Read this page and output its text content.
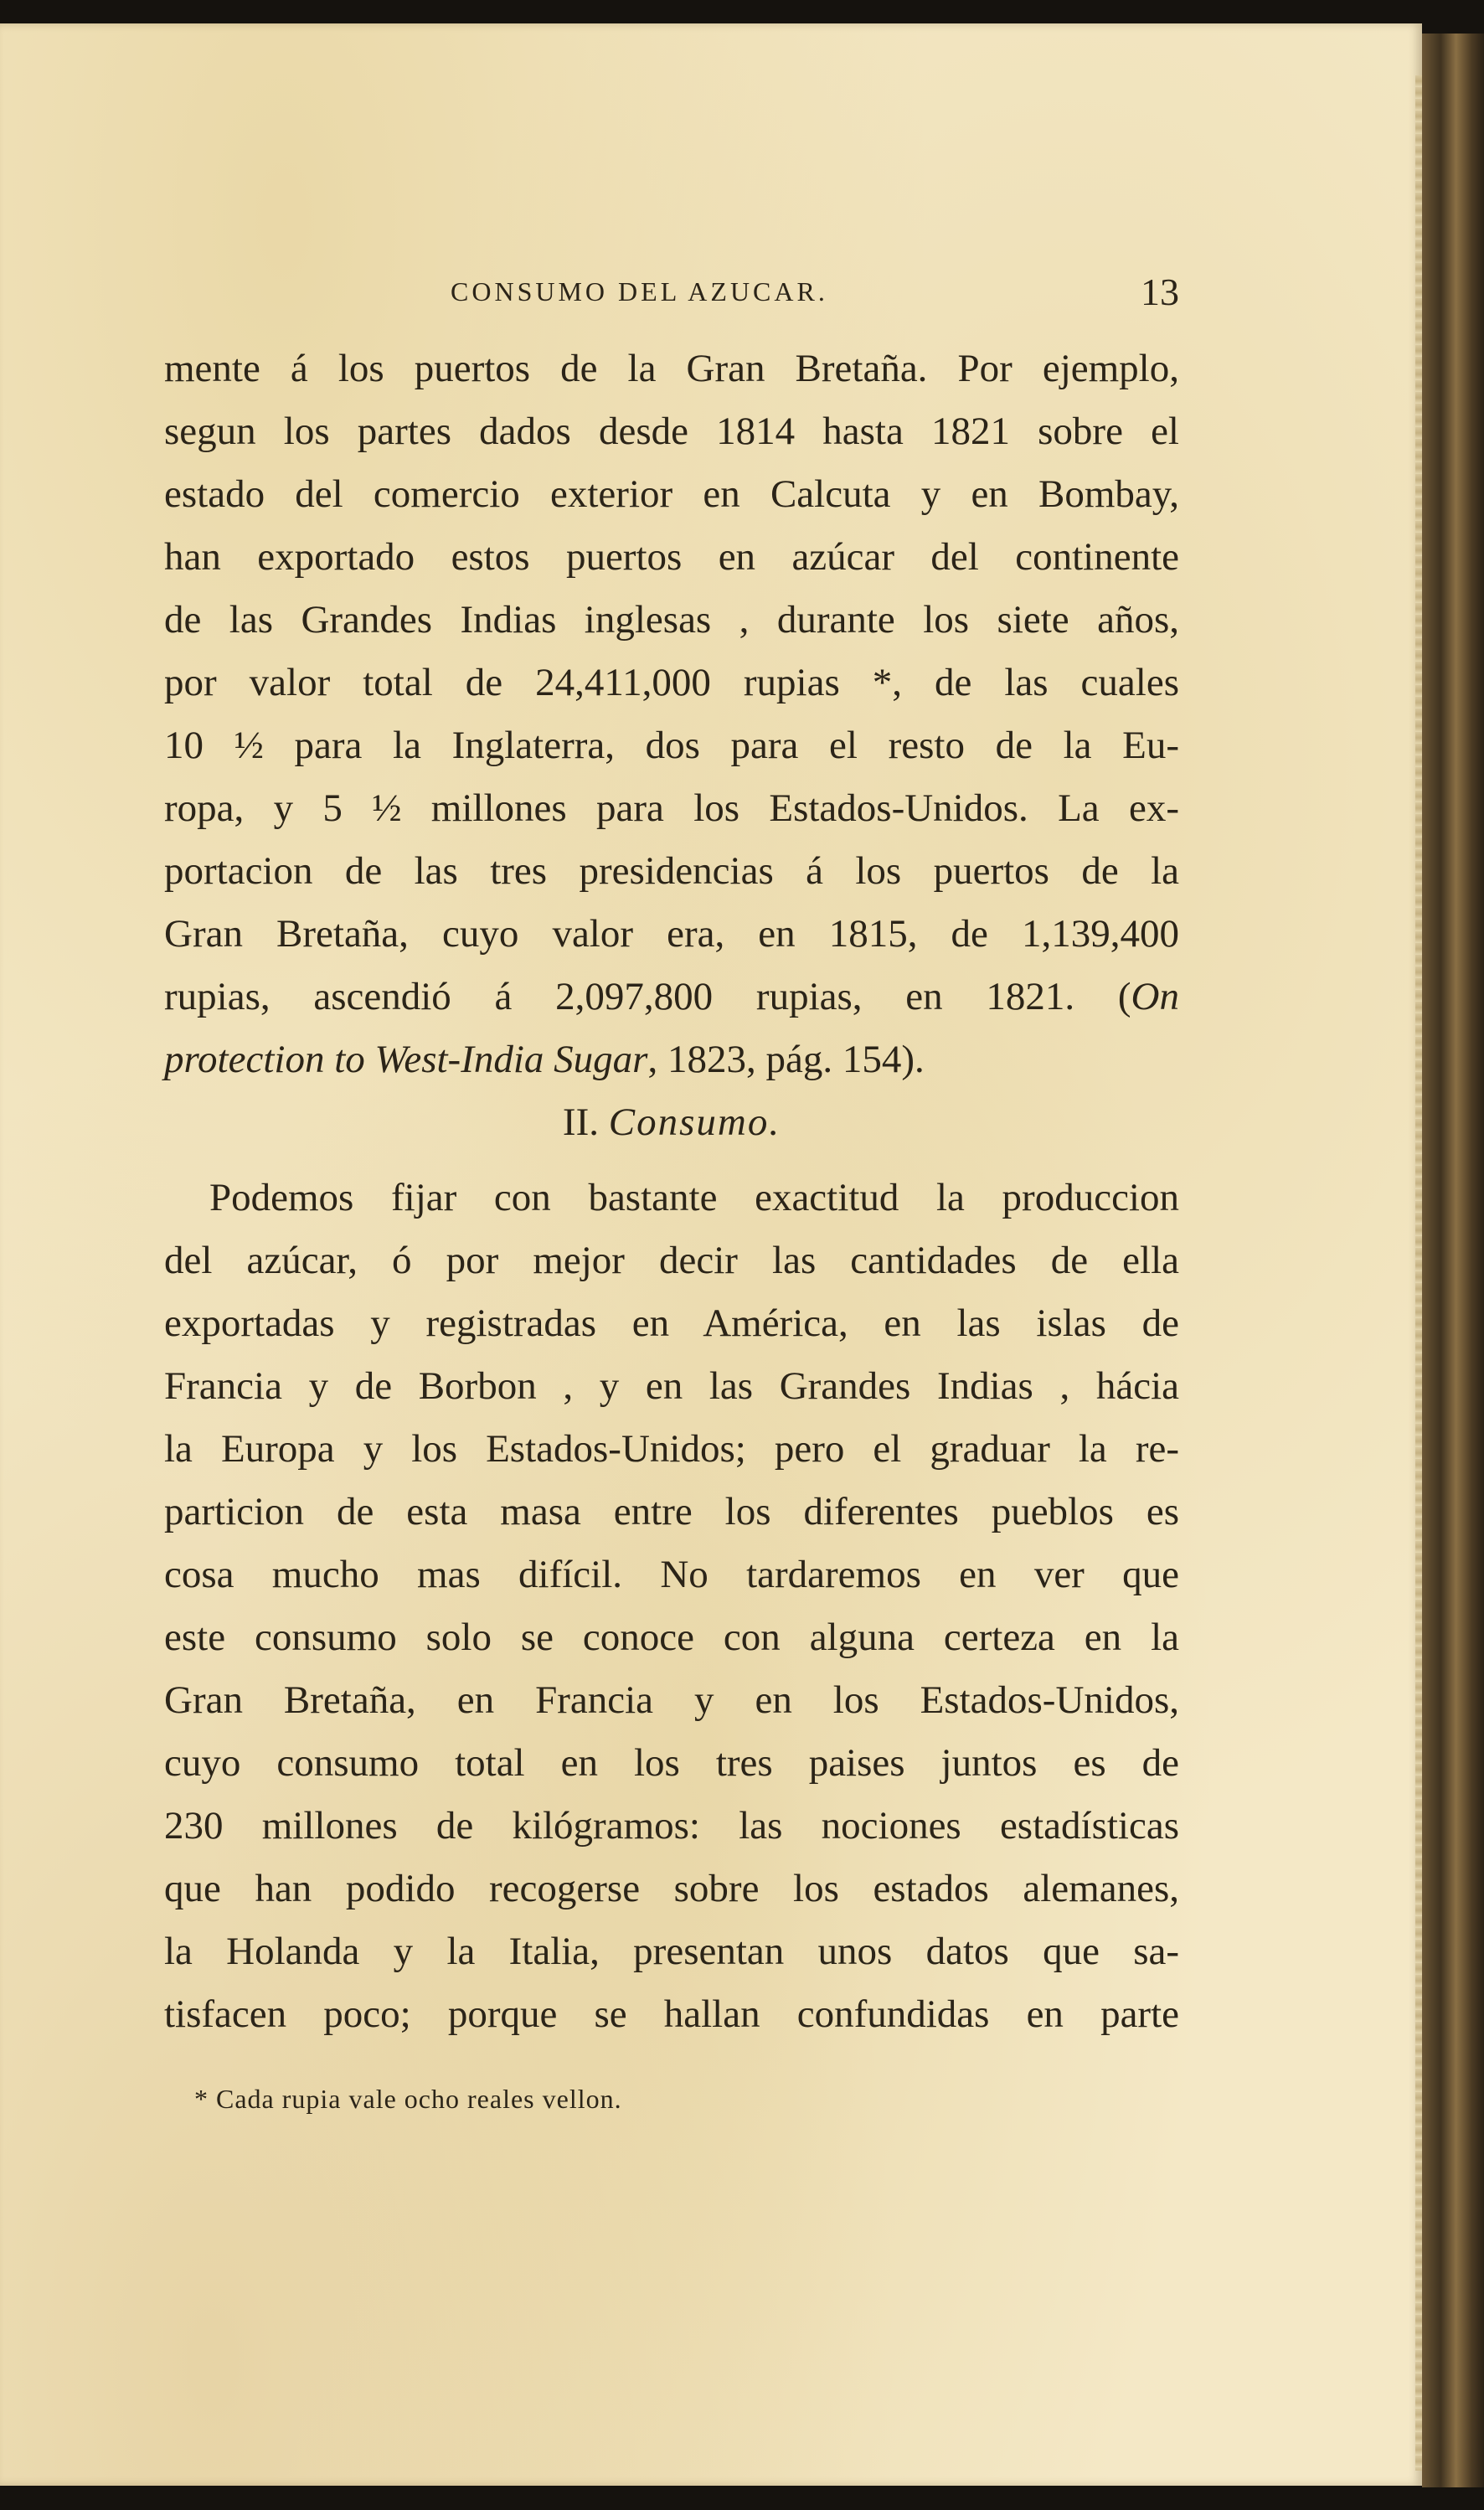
CONSUMO DEL AZUCAR.	13
mente á los puertos de la Gran Bretaña. Por ejemplo,
segun los partes dados desde 1814 hasta 1821 sobre el
estado del comercio exterior en Calcuta y en Bombay,
han exportado estos puertos en azúcar del continente
de las Grandes Indias inglesas , durante los siete años,
por valor total de 24,411,000 rupias *, de las cuales
10 ½ para la Inglaterra, dos para el resto de la Eu-
ropa, y 5 ½ millones para los Estados-Unidos. La ex-
portacion de las tres presidencias á los puertos de la
Gran Bretaña, cuyo valor era, en 1815, de 1,139,400
rupias, ascendió á 2,097,800 rupias, en 1821. (On
protection to West-India Sugar, 1823, pág. 154).
II. Consumo.
Podemos fijar con bastante exactitud la produccion
del azúcar, ó por mejor decir las cantidades de ella
exportadas y registradas en América, en las islas de
Francia y de Borbon , y en las Grandes Indias , hácia
la Europa y los Estados-Unidos; pero el graduar la re-
particion de esta masa entre los diferentes pueblos es
cosa mucho mas difícil. No tardaremos en ver que
este consumo solo se conoce con alguna certeza en la
Gran Bretaña, en Francia y en los Estados-Unidos,
cuyo consumo total en los tres paises juntos es de
230 millones de kilógramos: las nociones estadísticas
que han podido recogerse sobre los estados alemanes,
la Holanda y la Italia, presentan unos datos que sa-
tisfacen poco; porque se hallan confundidas en parte
* Cada rupia vale ocho reales vellon.
